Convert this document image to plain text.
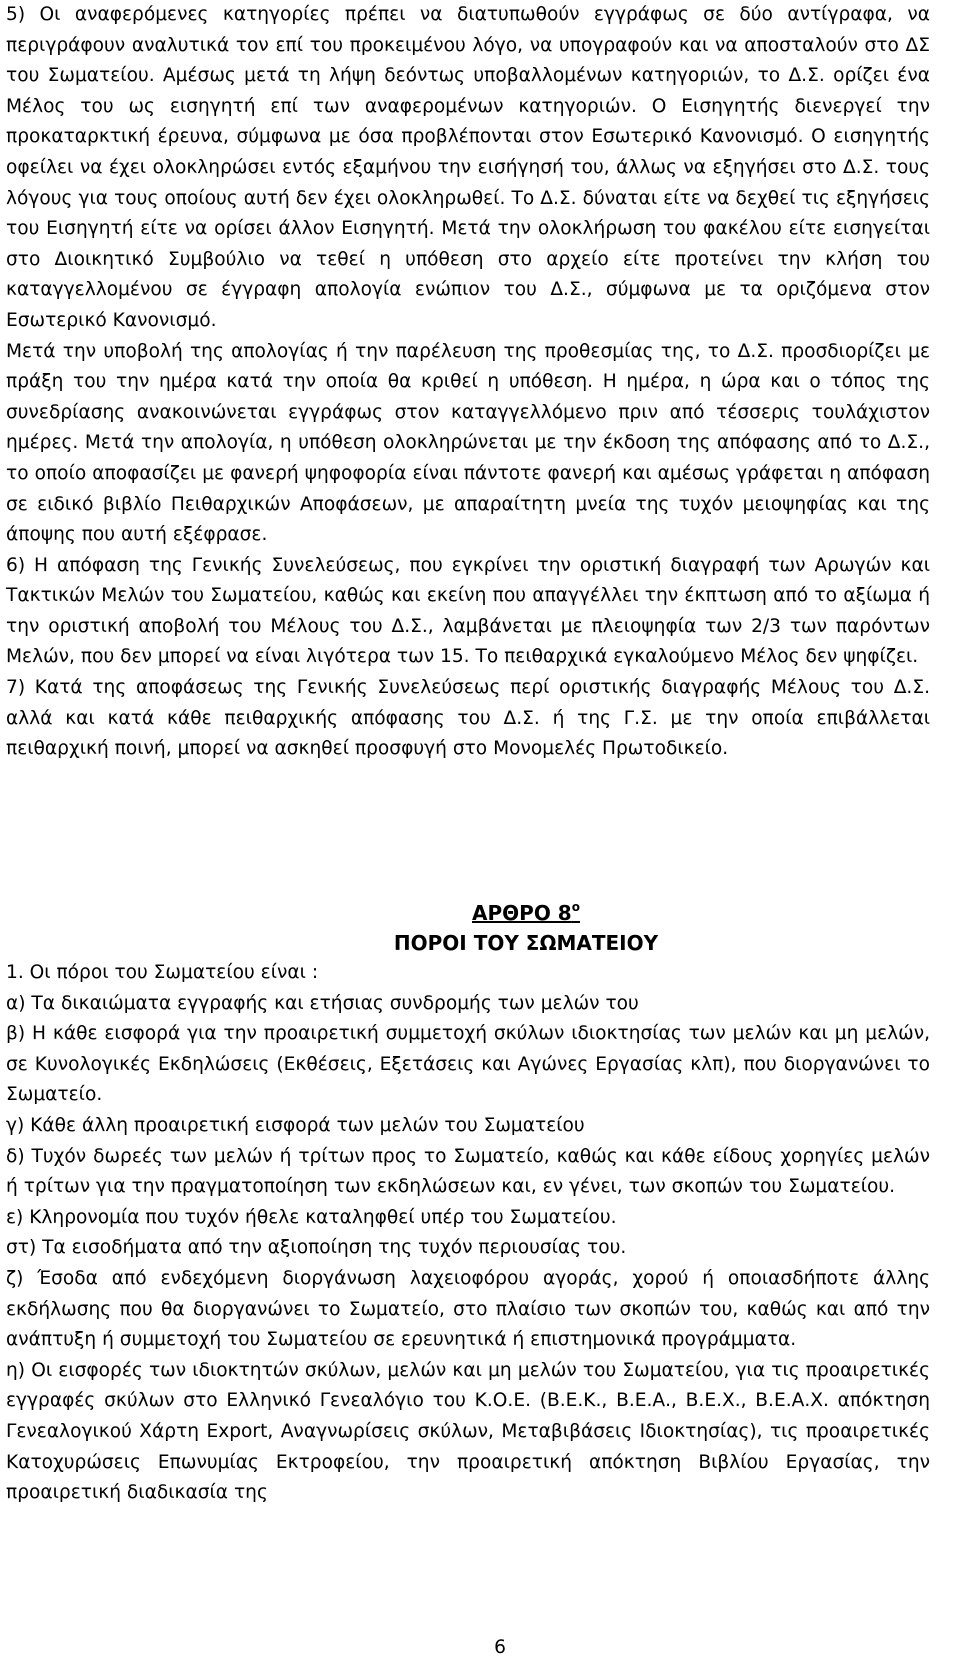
5) Οι αναφερόμενες κατηγορίες πρέπει να διατυπωθούν εγγράφως σε δύο αντίγραφα, να περιγράφουν αναλυτικά τον επί του προκειμένου λόγο, να υπογραφούν και να αποσταλούν στο ΔΣ του Σωματείου. Αμέσως μετά τη λήψη δεόντως υποβαλλομένων κατηγοριών, το Δ.Σ. ορίζει ένα Μέλος του ως εισηγητή επί των αναφερομένων κατηγοριών. Ο Εισηγητής διενεργεί την προκαταρκτική έρευνα, σύμφωνα με όσα προβλέπονται στον Εσωτερικό Κανονισμό. Ο εισηγητής οφείλει να έχει ολοκληρώσει εντός εξαμήνου την εισήγησή του, άλλως να εξηγήσει στο Δ.Σ. τους λόγους για τους οποίους αυτή δεν έχει ολοκληρωθεί. Το Δ.Σ. δύναται είτε να δεχθεί τις εξηγήσεις του Εισηγητή είτε να ορίσει άλλον Εισηγητή. Μετά την ολοκλήρωση του φακέλου είτε εισηγείται στο Διοικητικό Συμβούλιο να τεθεί η υπόθεση στο αρχείο είτε προτείνει την κλήση του καταγγελλομένου σε έγγραφη απολογία ενώπιον του Δ.Σ., σύμφωνα με τα οριζόμενα στον Εσωτερικό Κανονισμό.

Μετά την υποβολή της απολογίας ή την παρέλευση της προθεσμίας της, το Δ.Σ. προσδιορίζει με πράξη του την ημέρα κατά την οποία θα κριθεί η υπόθεση. Η ημέρα, η ώρα και ο τόπος της συνεδρίασης ανακοινώνεται εγγράφως στον καταγγελλόμενο πριν από τέσσερις τουλάχιστον ημέρες. Μετά την απολογία, η υπόθεση ολοκληρώνεται με την έκδοση της απόφασης από το Δ.Σ., το οποίο αποφασίζει με φανερή ψηφοφορία είναι πάντοτε φανερή και αμέσως γράφεται η απόφαση σε ειδικό βιβλίο Πειθαρχικών Αποφάσεων, με απαραίτητη μνεία της τυχόν μειοψηφίας και της άποψης που αυτή εξέφρασε.

6) Η απόφαση της Γενικής Συνελεύσεως, που εγκρίνει την οριστική διαγραφή των Αρωγών και Τακτικών Μελών του Σωματείου, καθώς και εκείνη που απαγγέλλει την έκπτωση από το αξίωμα ή την οριστική αποβολή του Μέλους του Δ.Σ., λαμβάνεται με πλειοψηφία των 2/3 των παρόντων Μελών, που δεν μπορεί να είναι λιγότερα των 15. Το πειθαρχικά εγκαλούμενο Μέλος δεν ψηφίζει.

7) Κατά της αποφάσεως της Γενικής Συνελεύσεως περί οριστικής διαγραφής Μέλους του Δ.Σ. αλλά και κατά κάθε πειθαρχικής απόφασης του Δ.Σ. ή της Γ.Σ. με την οποία επιβάλλεται πειθαρχική ποινή, μπορεί να ασκηθεί προσφυγή στο Μονομελές Πρωτοδικείο.

ΑΡΘΡΟ $8^o$
ΠΟΡΟΙ ΤΟΥ ΣΩΜΑΤΕΙΟΥ

1. Οι πόροι του Σωματείου είναι :

α) Τα δικαιώματα εγγραφής και ετήσιας συνδρομής των μελών του

β) Η κάθε εισφορά για την προαιρετική συμμετοχή σκύλων ιδιοκτησίας των μελών και μη μελών, σε Κυνολογικές Εκδηλώσεις (Εκθέσεις, Εξετάσεις και Αγώνες Εργασίας κλπ), που διοργανώνει το Σωματείο.

γ) Κάθε άλλη προαιρετική εισφορά των μελών του Σωματείου

δ) Τυχόν δωρεές των μελών ή τρίτων προς το Σωματείο, καθώς και κάθε είδους χορηγίες μελών ή τρίτων για την πραγματοποίηση των εκδηλώσεων και, εν γένει, των σκοπών του Σωματείου.

ε) Κληρονομία που τυχόν ήθελε καταληφθεί υπέρ του Σωματείου.

στ) Τα εισοδήματα από την αξιοποίηση της τυχόν περιουσίας του.

ζ) Έσοδα από ενδεχόμενη διοργάνωση λαχειοφόρου αγοράς, χορού ή οποιασδήποτε άλλης εκδήλωσης που θα διοργανώνει το Σωματείο, στο πλαίσιο των σκοπών του, καθώς και από την ανάπτυξη ή συμμετοχή του Σωματείου σε ερευνητικά ή επιστημονικά προγράμματα.

η) Οι εισφορές των ιδιοκτητών σκύλων, μελών και μη μελών του Σωματείου, για τις προαιρετικές εγγραφές σκύλων στο Ελληνικό Γενεαλόγιο του Κ.Ο.Ε. (Β.Ε.Κ., Β.Ε.Α., Β.Ε.Χ., Β.Ε.Α.Χ. απόκτηση Γενεαλογικού Χάρτη Export, Αναγνωρίσεις σκύλων, Μεταβιβάσεις Ιδιοκτησίας), τις προαιρετικές Κατοχυρώσεις Επωνυμίας Εκτροφείου, την προαιρετική απόκτηση Βιβλίου Εργασίας, την προαιρετική διαδικασία της

6
